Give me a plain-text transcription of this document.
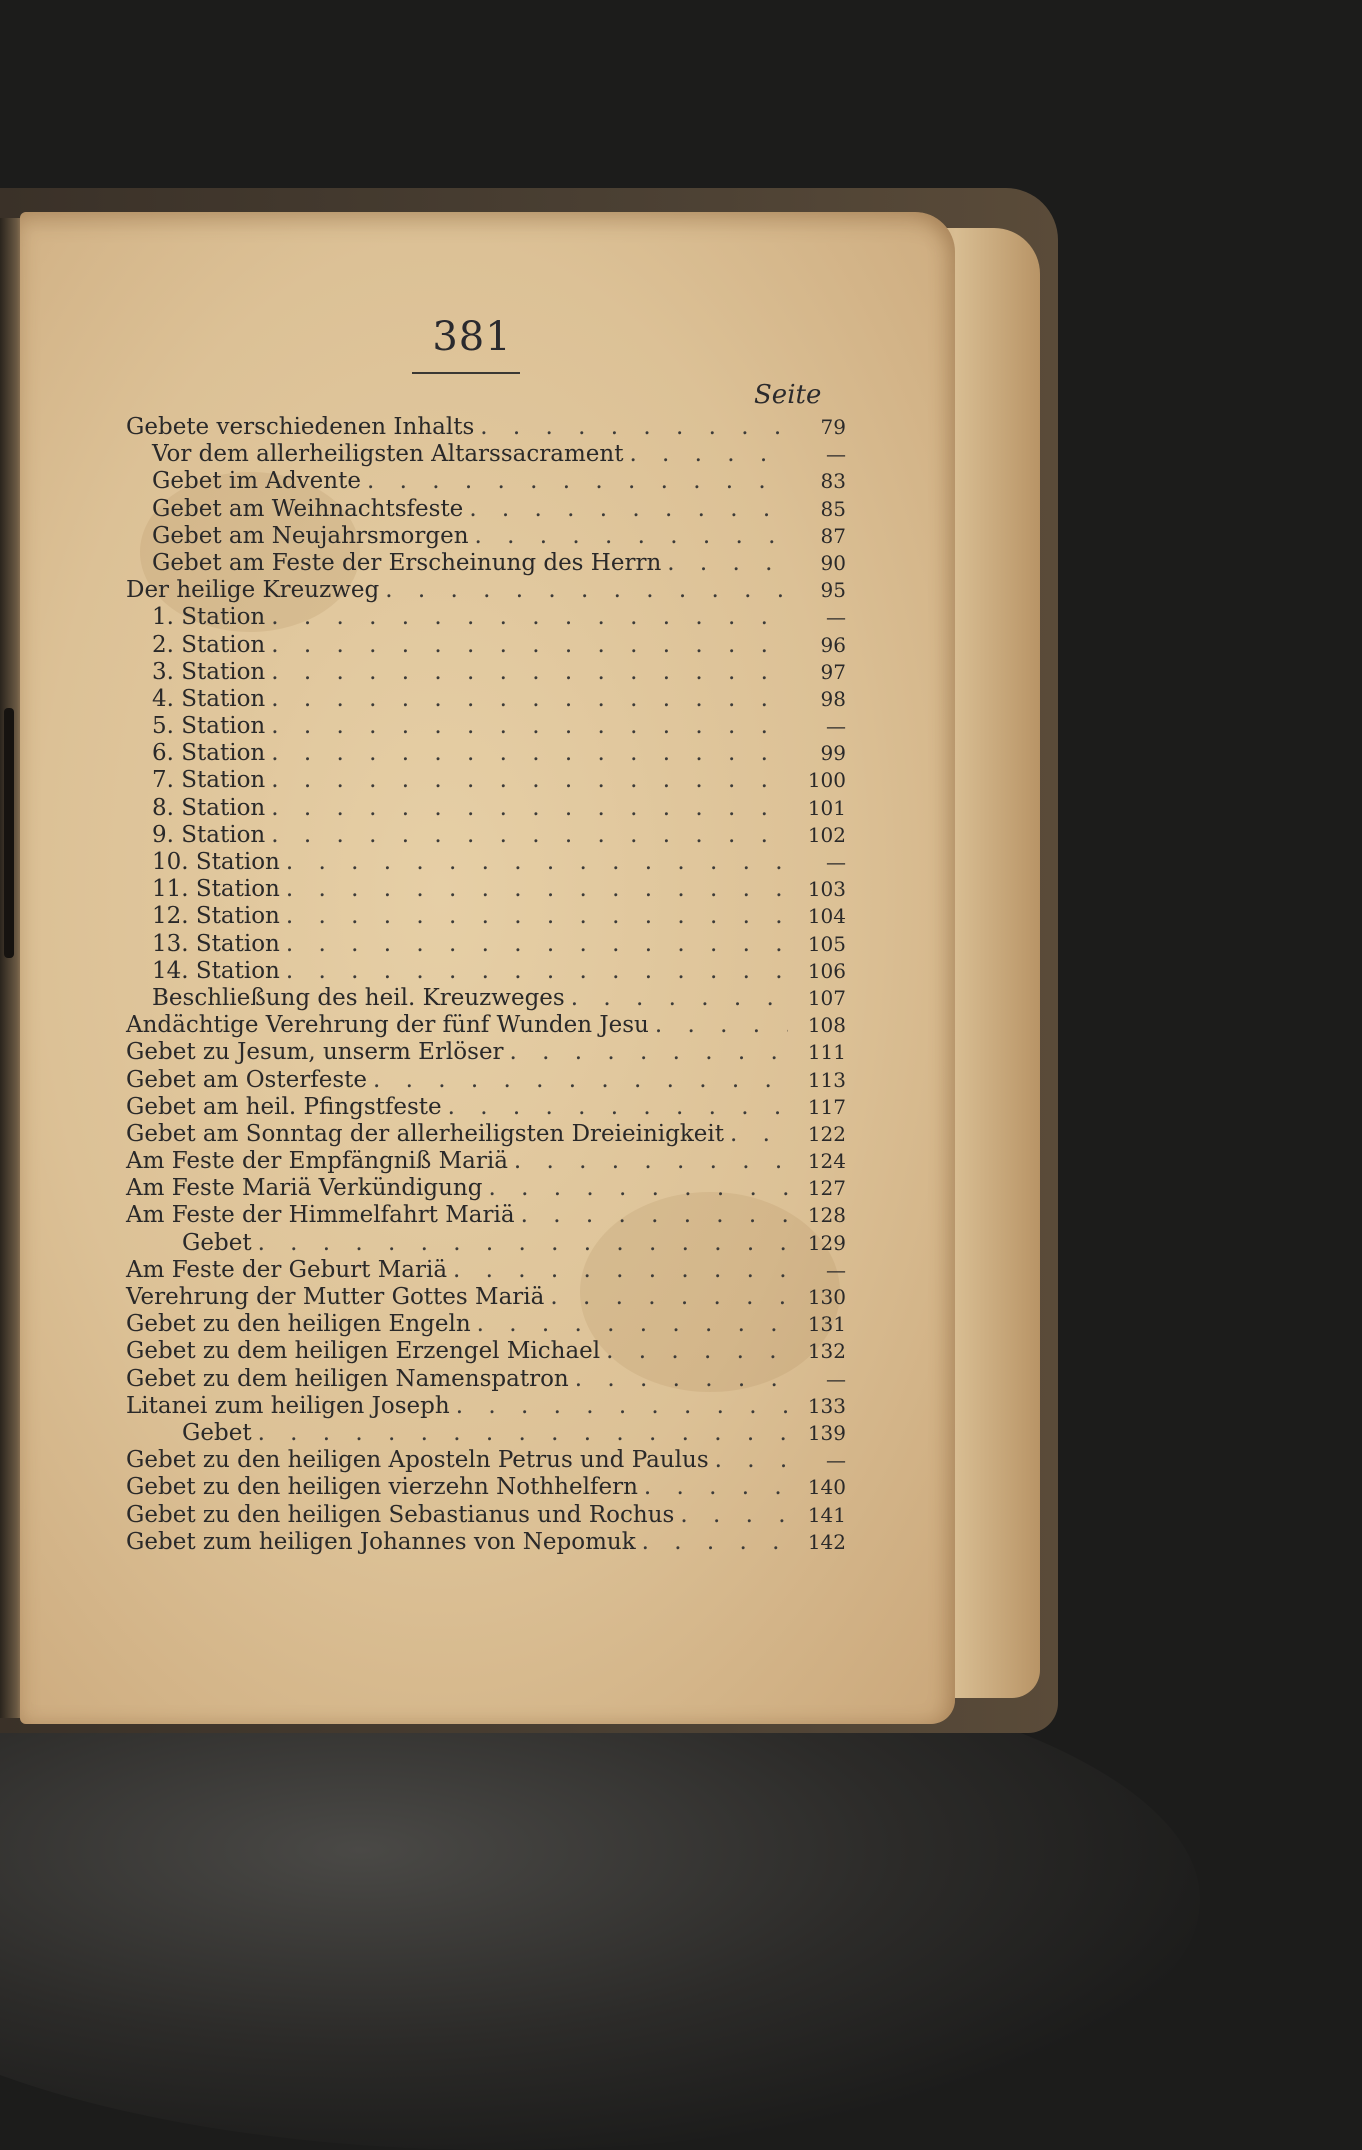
381
Seite
Gebete verschiedenen Inhalts . . .	79
Vor dem allerheiligsten Altarssacrament . . .	—
Gebet im Advente . . .	83
Gebet am Weihnachtsfeste . . .	85
Gebet am Neujahrsmorgen . . .	87
Gebet am Feste der Erscheinung des Herrn . . .	90
Der heilige Kreuzweg . . .	95
1. Station . . .	—
2. Station . . .	96
3. Station . . .	97
4. Station . . .	98
5. Station . . .	—
6. Station . . .	99
7. Station . . .	100
8. Station . . .	101
9. Station . . .	102
10. Station . . .	—
11. Station . . .	103
12. Station . . .	104
13. Station . . .	105
14. Station . . .	106
Beschließung des heil. Kreuzweges . . .	107
Andächtige Verehrung der fünf Wunden Jesu . . .	108
Gebet zu Jesum, unserm Erlöser . . .	111
Gebet am Osterfeste . . .	113
Gebet am heil. Pfingstfeste . . .	117
Gebet am Sonntag der allerheiligsten Dreieinigkeit . . .	122
Am Feste der Empfängniß Mariä . . .	124
Am Feste Mariä Verkündigung . . .	127
Am Feste der Himmelfahrt Mariä . . .	128
Gebet . . .	129
Am Feste der Geburt Mariä . . .	—
Verehrung der Mutter Gottes Mariä . . .	130
Gebet zu den heiligen Engeln . . .	131
Gebet zu dem heiligen Erzengel Michael . . .	132
Gebet zu dem heiligen Namenspatron . . .	—
Litanei zum heiligen Joseph . . .	133
Gebet . . .	139
Gebet zu den heiligen Aposteln Petrus und Paulus . . .	—
Gebet zu den heiligen vierzehn Nothhelfern . . .	140
Gebet zu den heiligen Sebastianus und Rochus . . .	141
Gebet zum heiligen Johannes von Nepomuk . . .	142
